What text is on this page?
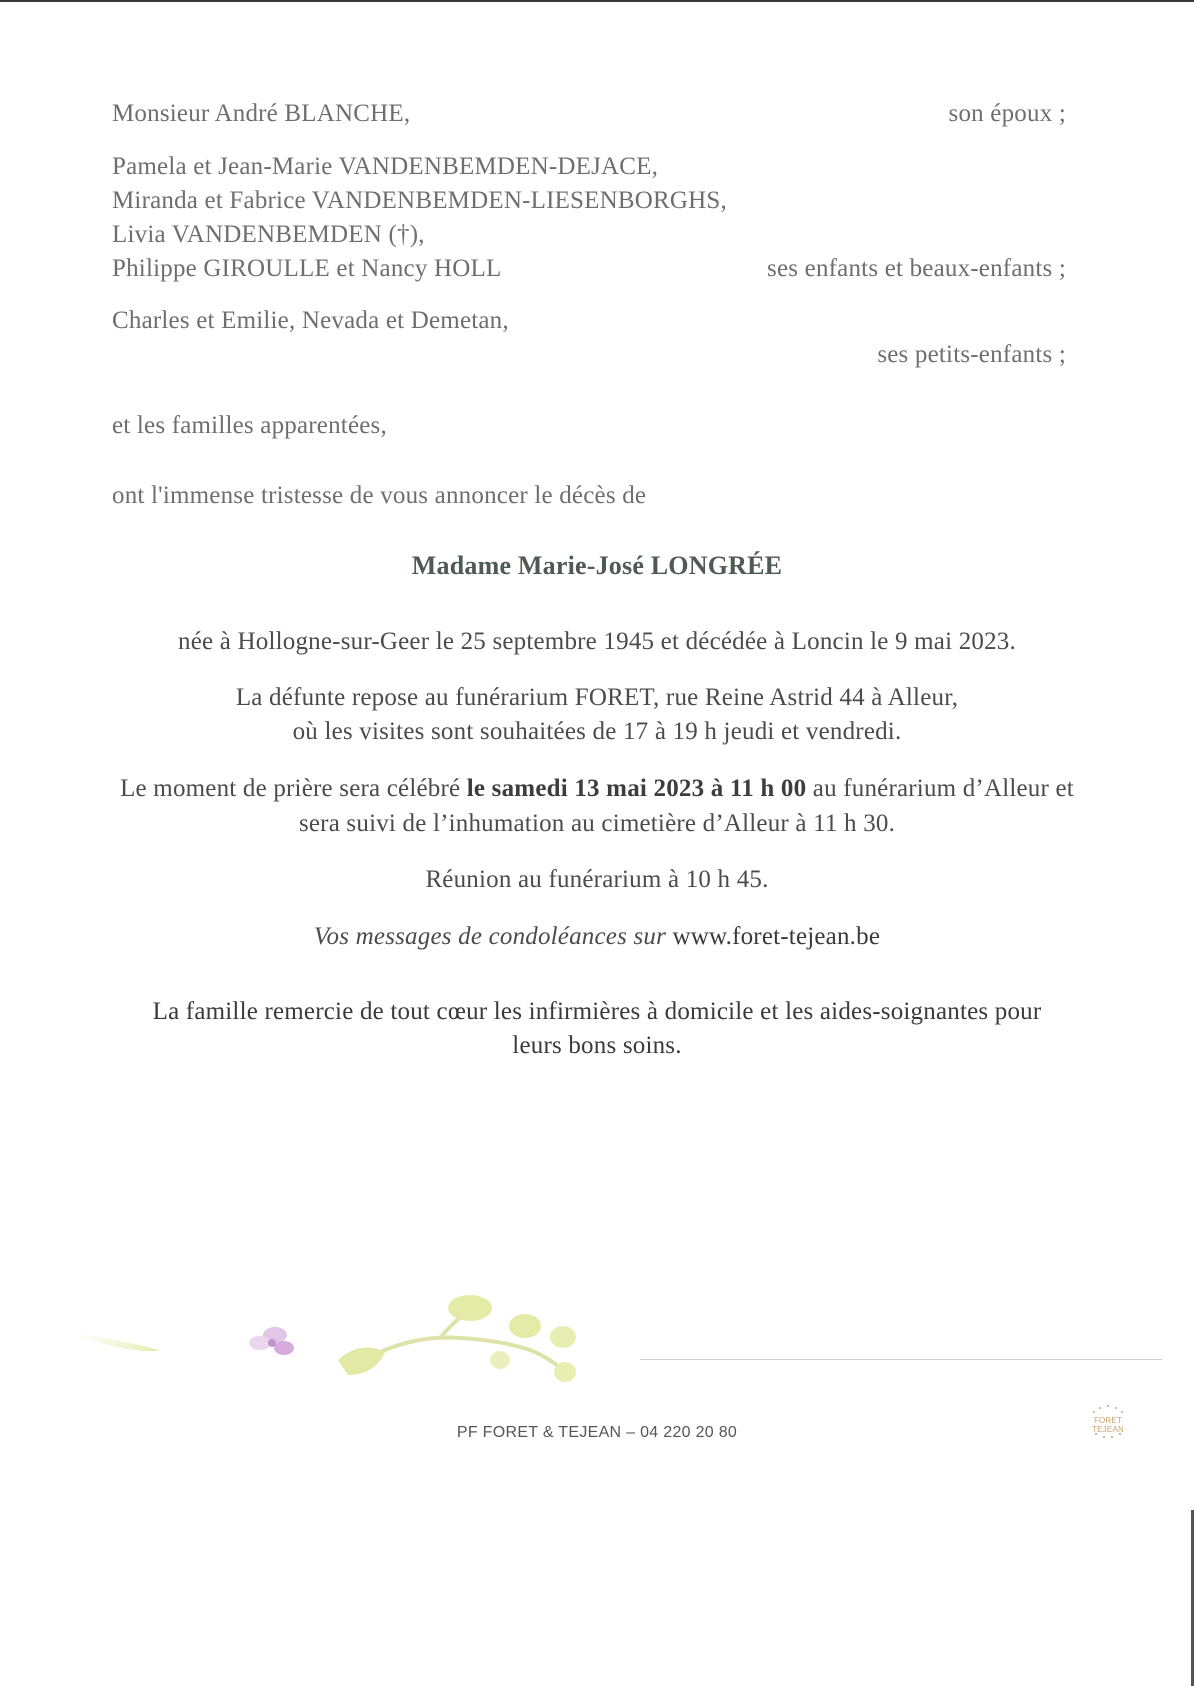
Monsieur André BLANCHE,	son époux ;
Pamela et Jean-Marie VANDENBEMDEN-DEJACE,
Miranda et Fabrice VANDENBEMDEN-LIESENBORGHS,
Livia VANDENBEMDEN (†),
Philippe GIROULLE et Nancy HOLL	ses enfants et beaux-enfants ;
Charles et Emilie, Nevada et Demetan,
ses petits-enfants ;
et les familles apparentées,
ont l'immense tristesse de vous annoncer le décès de
Madame Marie-José LONGRÉE
née à Hollogne-sur-Geer le 25 septembre 1945 et décédée à Loncin le 9 mai 2023.
La défunte repose au funérarium FORET, rue Reine Astrid 44 à Alleur,
où les visites sont souhaitées de 17 à 19 h jeudi et vendredi.
Le moment de prière sera célébré le samedi 13 mai 2023 à 11 h 00 au funérarium d’Alleur et
sera suivi de l’inhumation au cimetière d’Alleur à 11 h 30.
Réunion au funérarium à 10 h 45.
Vos messages de condoléances sur www.foret-tejean.be
La famille remercie de tout cœur les infirmières à domicile et les aides-soignantes pour
leurs bons soins.
PF FORET & TEJEAN – 04 220 20 80
FORET TEJEAN
